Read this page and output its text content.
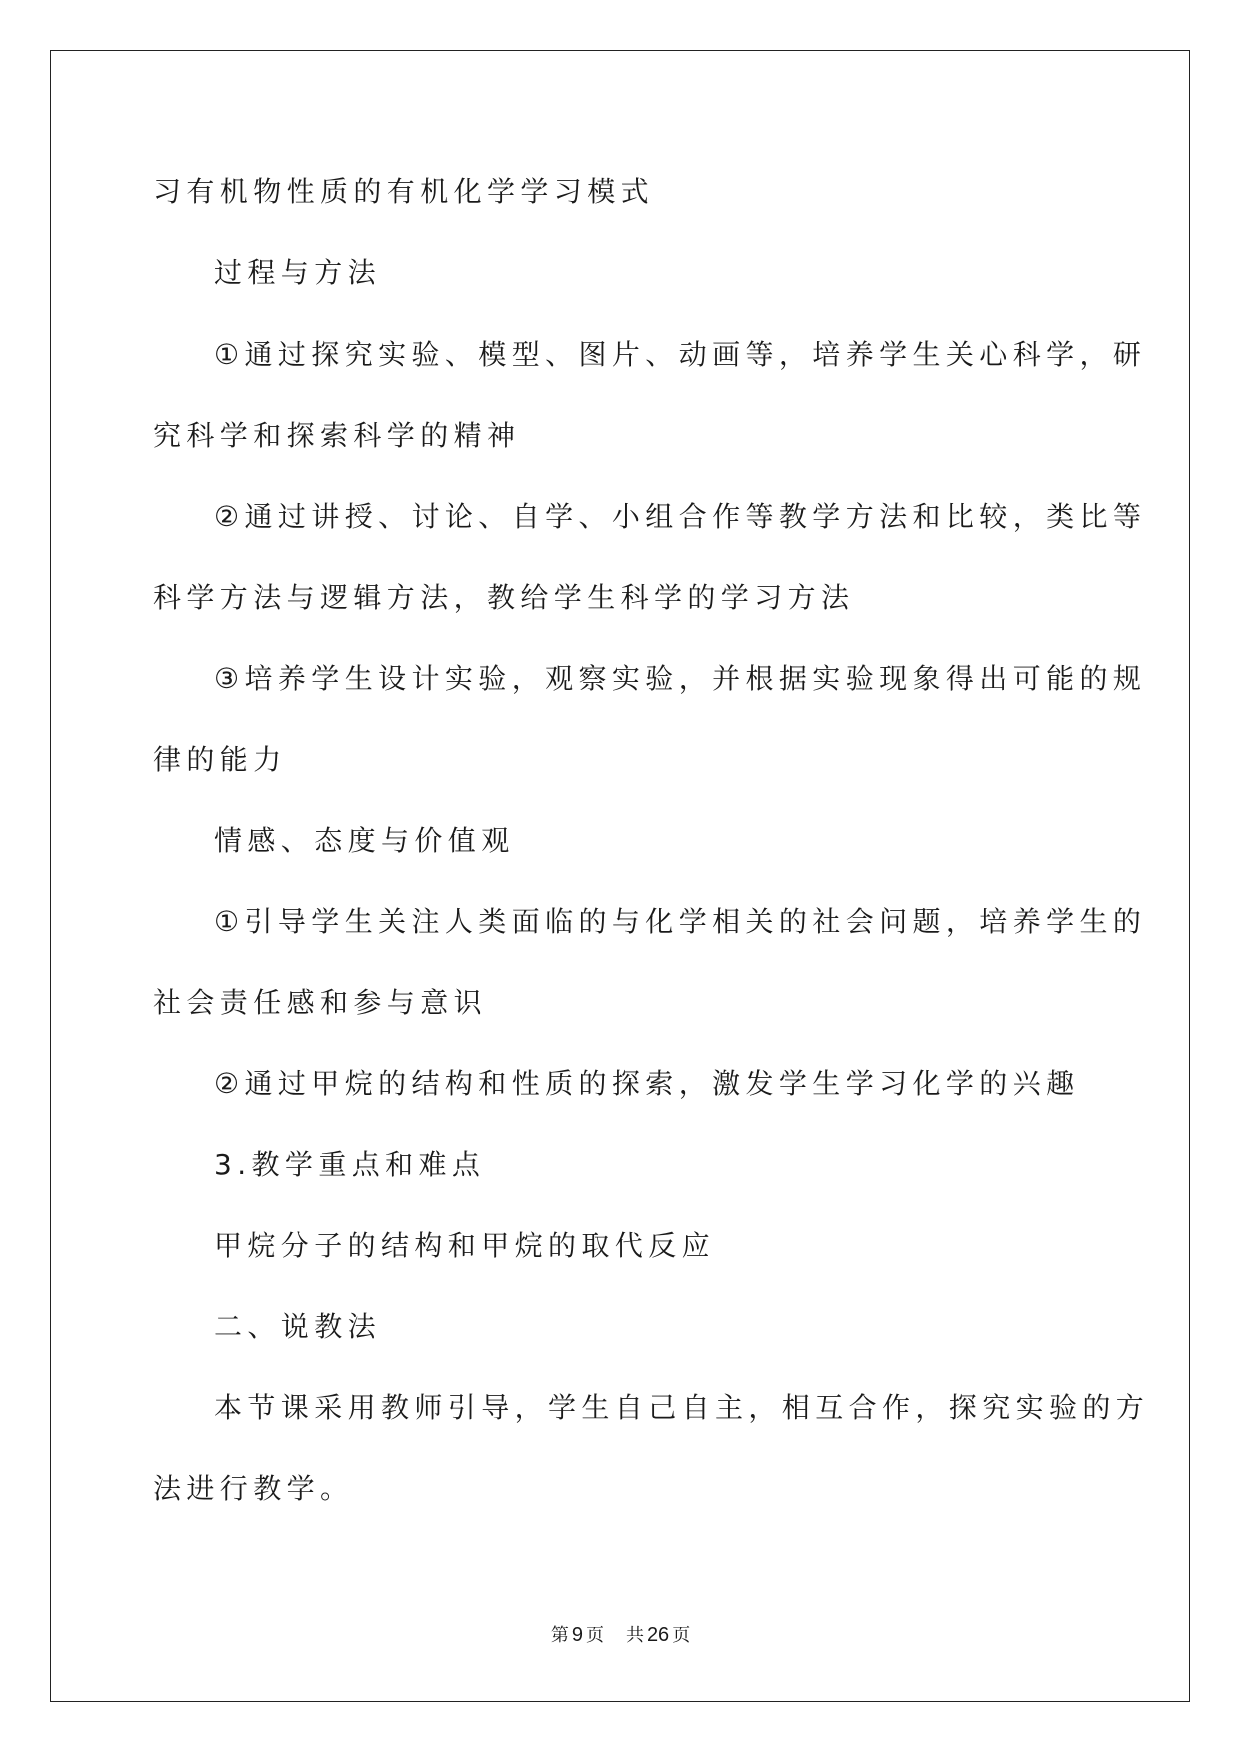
习有机物性质的有机化学学习模式
过程与方法
①通过探究实验、模型、图片、动画等，培养学生关心科学，研
究科学和探索科学的精神
②通过讲授、讨论、自学、小组合作等教学方法和比较，类比等
科学方法与逻辑方法，教给学生科学的学习方法
③培养学生设计实验，观察实验，并根据实验现象得出可能的规
律的能力
情感、态度与价值观
①引导学生关注人类面临的与化学相关的社会问题，培养学生的
社会责任感和参与意识
②通过甲烷的结构和性质的探索，激发学生学习化学的兴趣
3.教学重点和难点
甲烷分子的结构和甲烷的取代反应
二、说教法
本节课采用教师引导，学生自己自主，相互合作，探究实验的方
法进行教学。
第 9 页 共 26 页
